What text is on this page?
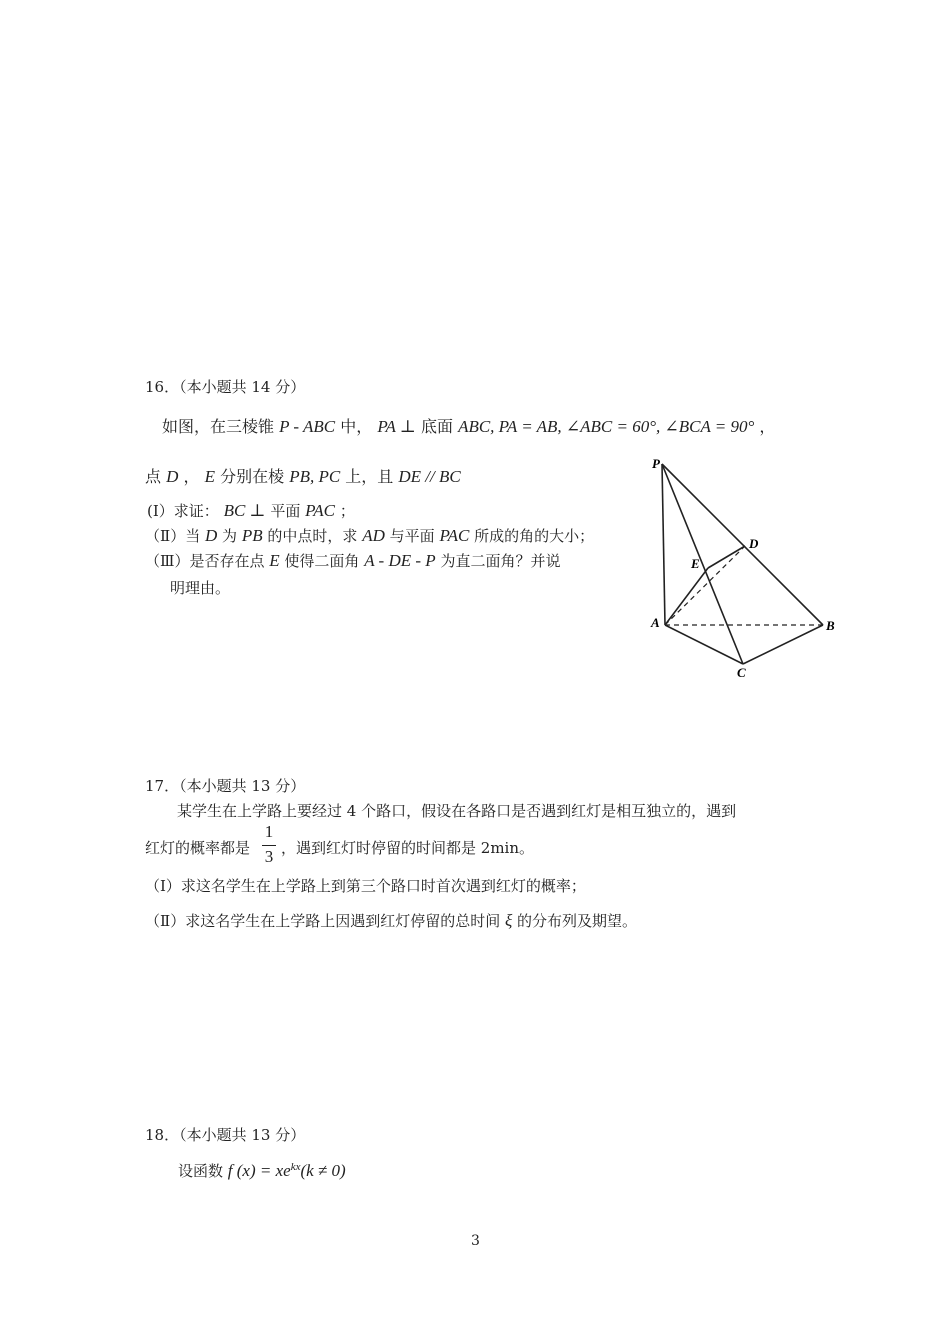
16．（本小题共 14 分）
如图，在三棱锥 P - ABC 中， PA ⊥ 底面 ABC, PA = AB, ∠ABC = 60°, ∠BCA = 90° ，
点 D ， E 分别在棱 PB, PC 上，且 DE // BC
(I）求证： BC ⊥ 平面 PAC ；
（Ⅱ）当 D 为 PB 的中点时，求 AD 与平面 PAC 所成的角的大小；
（Ⅲ）是否存在点 E 使得二面角 A - DE - P 为直二面角？并说
明理由。
P
D
E
A	B
C
17．（本小题共 13 分）
某学生在上学路上要经过 4 个路口，假设在各路口是否遇到红灯是相互独立的，遇到
红灯的概率都是
1
3 ，遇到红灯时停留的时间都是 2min。
（Ⅰ）求这名学生在上学路上到第三个路口时首次遇到红灯的概率；
（Ⅱ）求这名学生在上学路上因遇到红灯停留的总时间 ξ 的分布列及期望。
18．（本小题共 13 分）
设函数 f $(x) = xe^{kx}(k \ne 0)$
3
